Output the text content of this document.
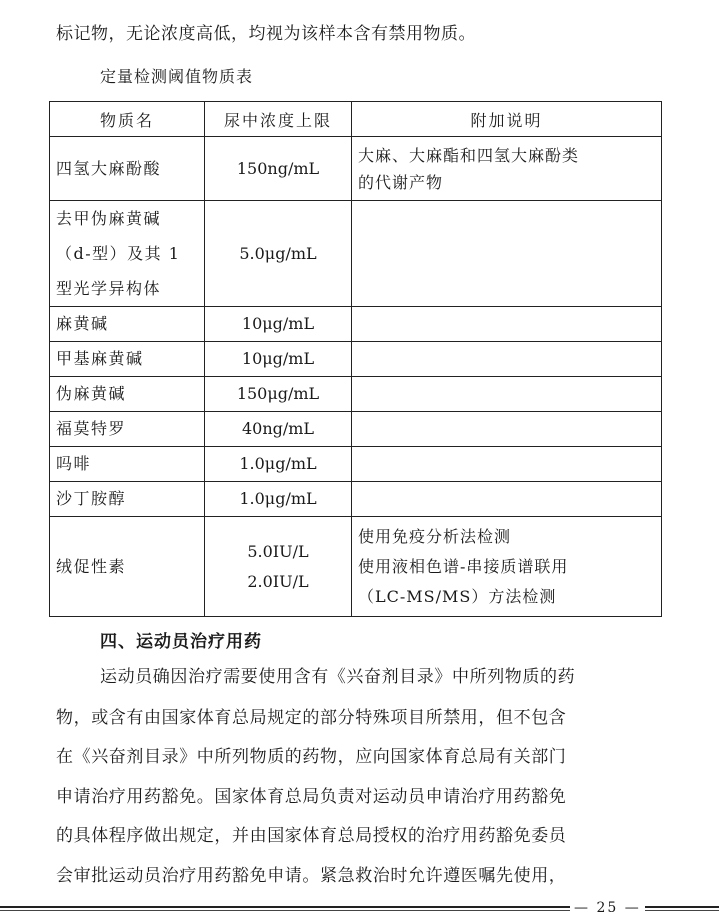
标记物，无论浓度高低，均视为该样本含有禁用物质。
定量检测阈值物质表
物质名	尿中浓度上限	附加说明

四氢大麻酚酸	150ng/mL	大麻、大麻酯和四氢大麻酚类
的代谢产物

去甲伪麻黄碱
（d-型）及其 1
型光学异构体	5.0μg/mL	

麻黄碱	10μg/mL	

甲基麻黄碱	10μg/mL	

伪麻黄碱	150μg/mL	

福莫特罗	40ng/mL	

吗啡	1.0μg/mL	

沙丁胺醇	1.0μg/mL	

绒促性素	5.0IU/L
2.0IU/L	使用免疫分析法检测
使用液相色谱-串接质谱联用
（LC-MS/MS）方法检测
四、运动员治疗用药
运动员确因治疗需要使用含有《兴奋剂目录》中所列物质的药
物，或含有由国家体育总局规定的部分特殊项目所禁用，但不包含
在《兴奋剂目录》中所列物质的药物，应向国家体育总局有关部门
申请治疗用药豁免。国家体育总局负责对运动员申请治疗用药豁免
的具体程序做出规定，并由国家体育总局授权的治疗用药豁免委员
会审批运动员治疗用药豁免申请。紧急救治时允许遵医嘱先使用，
— 25 —
